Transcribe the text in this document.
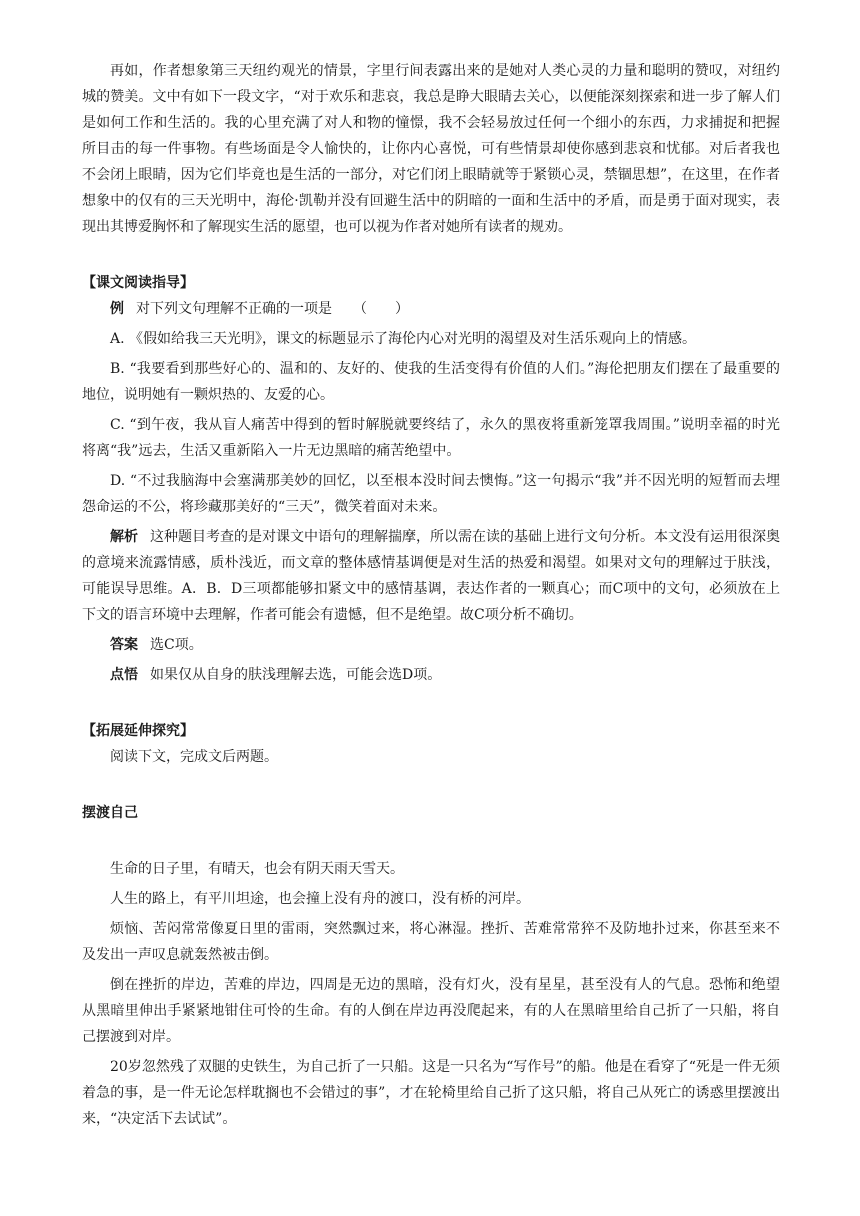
再如，作者想象第三天纽约观光的情景，字里行间表露出来的是她对人类心灵的力量和聪明的赞叹，对纽约城的赞美。文中有如下一段文字，“对于欢乐和悲哀，我总是睁大眼睛去关心，以便能深刻探索和进一步了解人们是如何工作和生活的。我的心里充满了对人和物的憧憬，我不会轻易放过任何一个细小的东西，力求捕捉和把握所目击的每一件事物。有些场面是令人愉快的，让你内心喜悦，可有些情景却使你感到悲哀和忧郁。对后者我也不会闭上眼睛，因为它们毕竟也是生活的一部分，对它们闭上眼睛就等于紧锁心灵，禁锢思想”，在这里，在作者想象中的仅有的三天光明中，海伦·凯勒并没有回避生活中的阴暗的一面和生活中的矛盾，而是勇于面对现实，表现出其博爱胸怀和了解现实生活的愿望，也可以视为作者对她所有读者的规劝。

【课文阅读指导】

例 对下列文句理解不正确的一项是　　（　　）

A. 《假如给我三天光明》，课文的标题显示了海伦内心对光明的渴望及对生活乐观向上的情感。

B. “我要看到那些好心的、温和的、友好的、使我的生活变得有价值的人们。”海伦把朋友们摆在了最重要的地位，说明她有一颗炽热的、友爱的心。

C. “到午夜，我从盲人痛苦中得到的暂时解脱就要终结了，永久的黑夜将重新笼罩我周围。”说明幸福的时光将离“我”远去，生活又重新陷入一片无边黑暗的痛苦绝望中。

D. “不过我脑海中会塞满那美妙的回忆，以至根本没时间去懊悔。”这一句揭示“我”并不因光明的短暂而去埋怨命运的不公，将珍藏那美好的“三天”，微笑着面对未来。

解析 这种题目考查的是对课文中语句的理解揣摩，所以需在读的基础上进行文句分析。本文没有运用很深奥的意境来流露情感，质朴浅近，而文章的整体感情基调便是对生活的热爱和渴望。如果对文句的理解过于肤浅，可能误导思维。A．B．D三项都能够扣紧文中的感情基调，表达作者的一颗真心；而C项中的文句，必须放在上下文的语言环境中去理解，作者可能会有遗憾，但不是绝望。故C项分析不确切。

答案 选C项。

点悟 如果仅从自身的肤浅理解去选，可能会选D项。

【拓展延伸探究】

阅读下文，完成文后两题。

摆渡自己

生命的日子里，有晴天，也会有阴天雨天雪天。

人生的路上，有平川坦途，也会撞上没有舟的渡口，没有桥的河岸。

烦恼、苦闷常常像夏日里的雷雨，突然飘过来，将心淋湿。挫折、苦难常常猝不及防地扑过来，你甚至来不及发出一声叹息就轰然被击倒。

倒在挫折的岸边，苦难的岸边，四周是无边的黑暗，没有灯火，没有星星，甚至没有人的气息。恐怖和绝望从黑暗里伸出手紧紧地钳住可怜的生命。有的人倒在岸边再没爬起来，有的人在黑暗里给自己折了一只船，将自己摆渡到对岸。

20岁忽然残了双腿的史铁生，为自己折了一只船。这是一只名为“写作号”的船。他是在看穿了“死是一件无须着急的事，是一件无论怎样耽搁也不会错过的事”，才在轮椅里给自己折了这只船，将自己从死亡的诱惑里摆渡出来，“决定活下去试试”。
